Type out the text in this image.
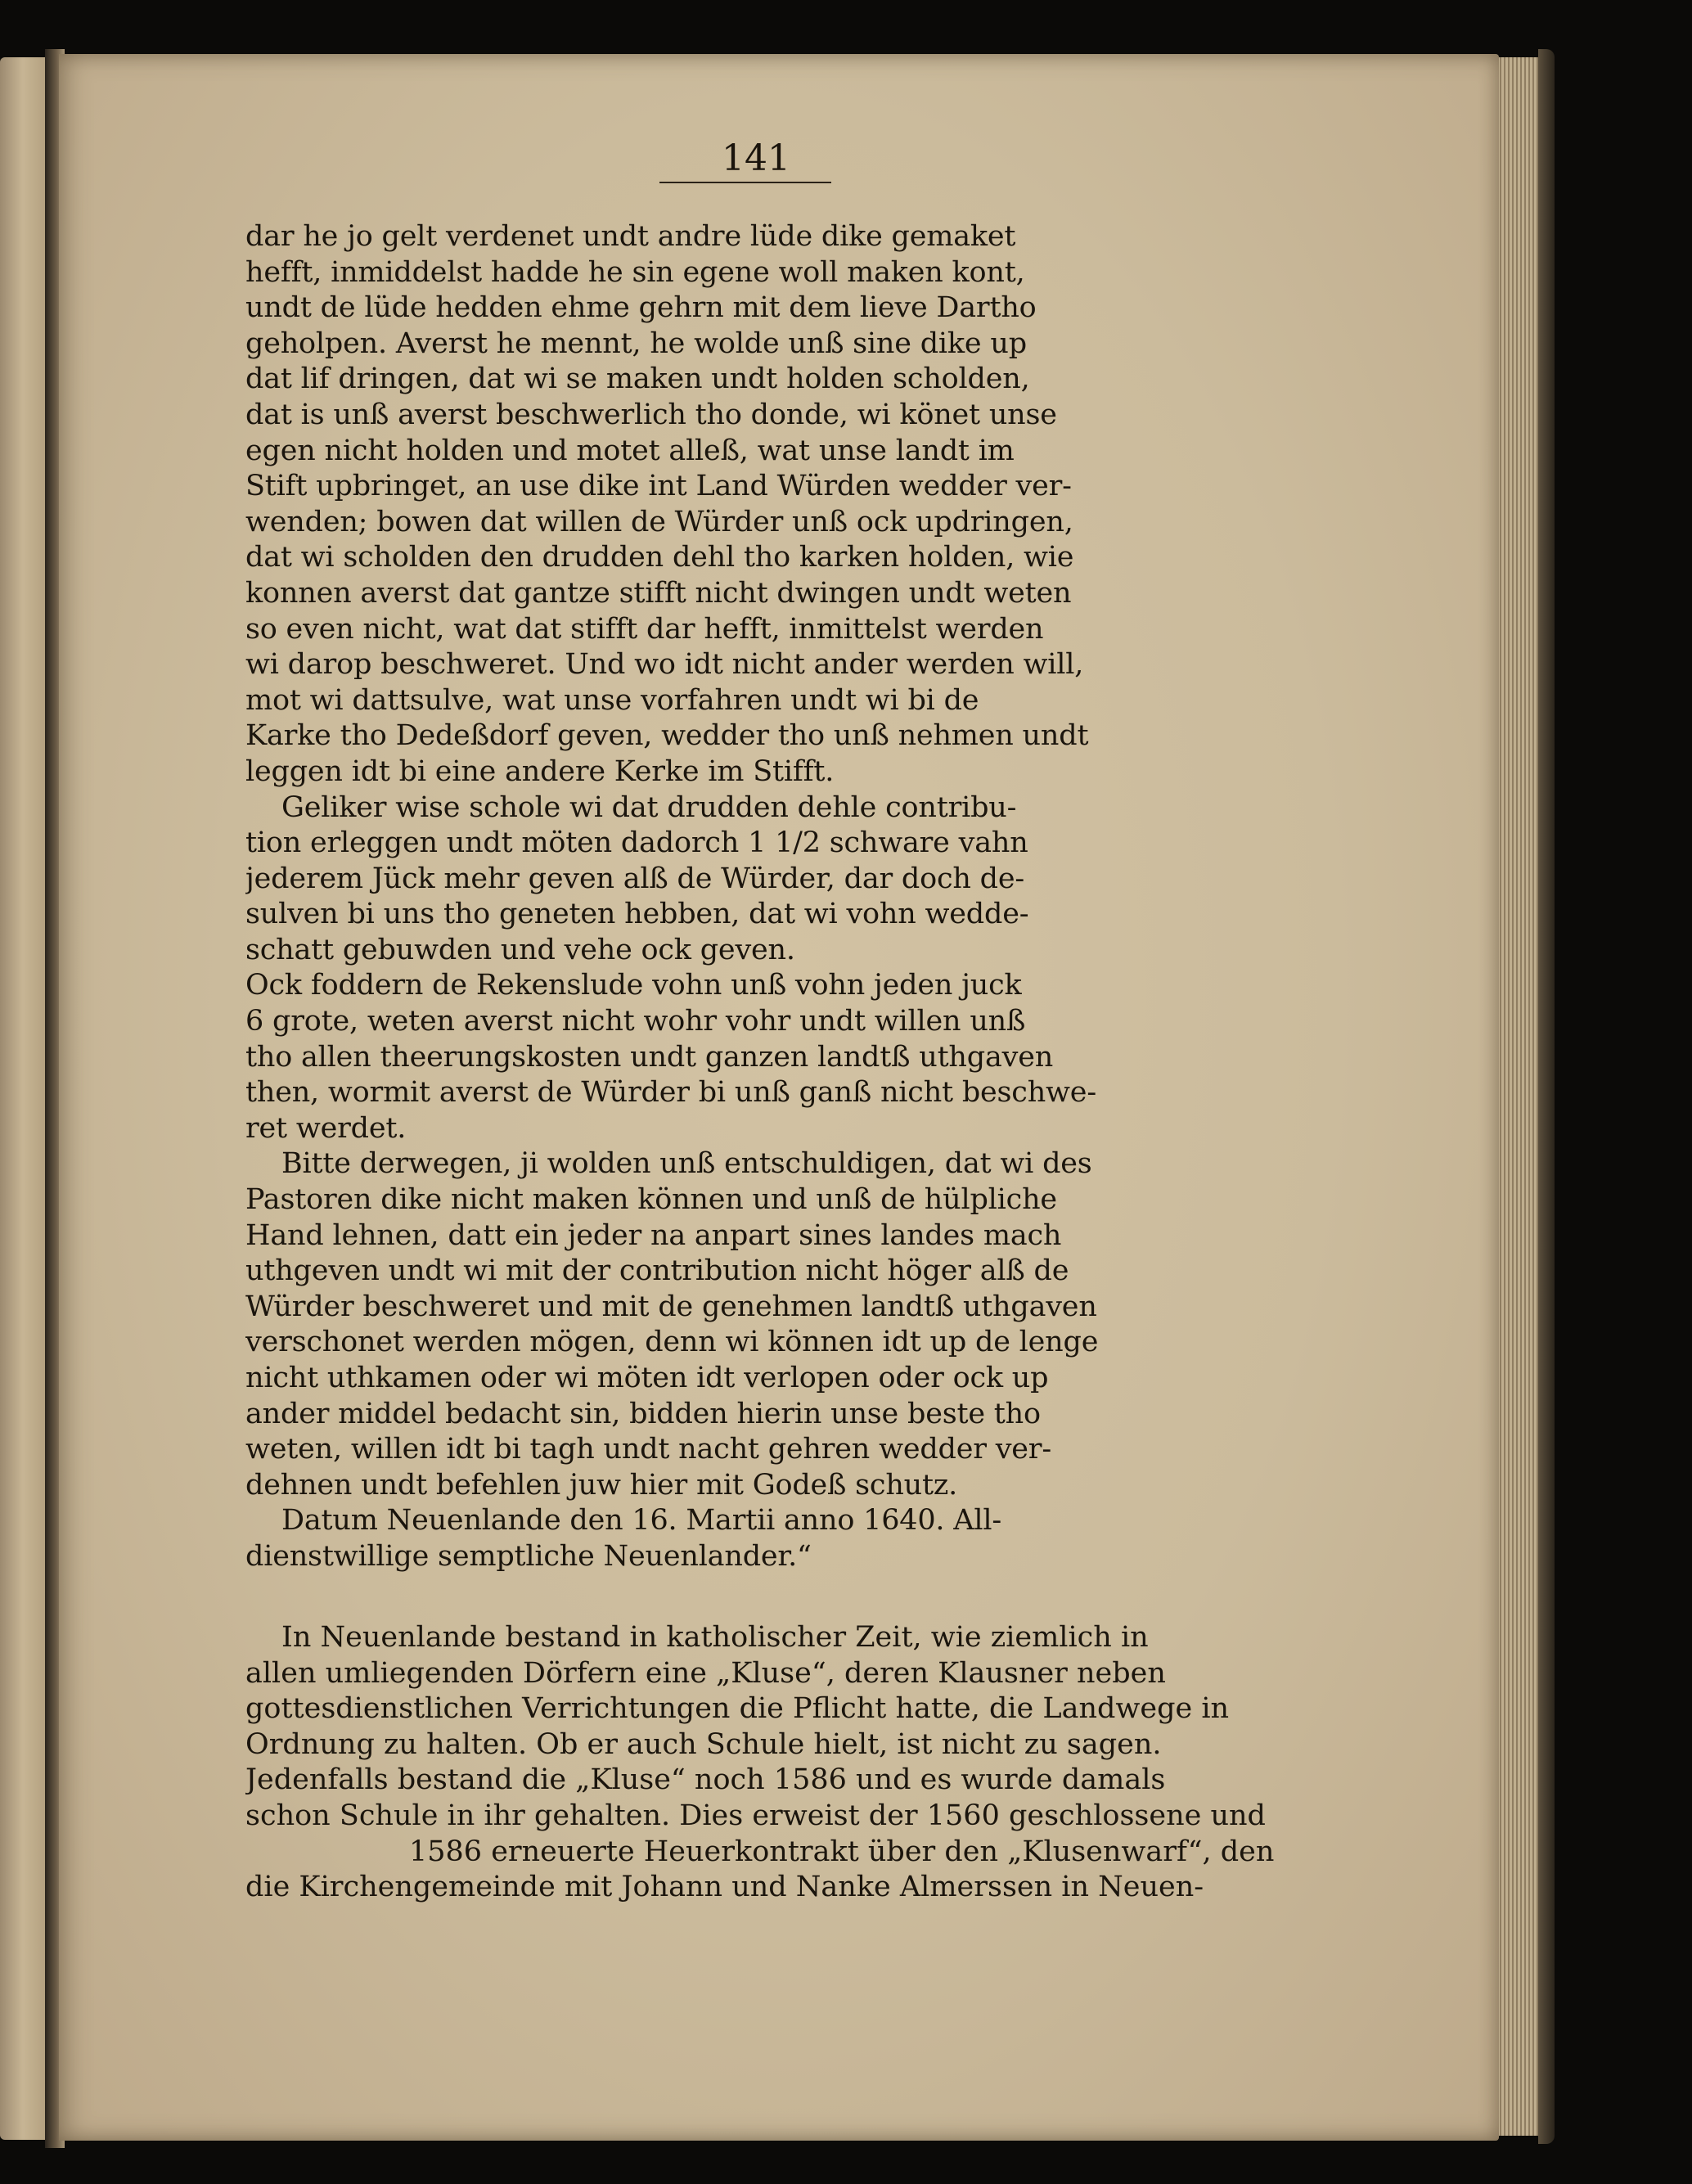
141
dar he jo gelt verdenet undt andre lüde dike gemaket
hefft, inmiddelst hadde he sin egene woll maken kont,
undt de lüde hedden ehme gehrn mit dem lieve Dartho
geholpen. Averst he mennt, he wolde unß sine dike up
dat lif dringen, dat wi se maken undt holden scholden,
dat is unß averst beschwerlich tho donde, wi könet unse
egen nicht holden und motet alleß, wat unse landt im
Stift upbringet, an use dike int Land Würden wedder ver-
wenden; bowen dat willen de Würder unß ock updringen,
dat wi scholden den drudden dehl tho karken holden, wie
konnen averst dat gantze stifft nicht dwingen undt weten
so even nicht, wat dat stifft dar hefft, inmittelst werden
wi darop beschweret. Und wo idt nicht ander werden will,
mot wi dattsulve, wat unse vorfahren undt wi bi de
Karke tho Dedeßdorf geven, wedder tho unß nehmen undt
leggen idt bi eine andere Kerke im Stifft.
Geliker wise schole wi dat drudden dehle contribu-
tion erleggen undt möten dadorch 1 1/2 schware vahn
jederem Jück mehr geven alß de Würder, dar doch de-
sulven bi uns tho geneten hebben, dat wi vohn wedde-
schatt gebuwden und vehe ock geven.
Ock foddern de Rekenslude vohn unß vohn jeden juck
6 grote, weten averst nicht wohr vohr undt willen unß
tho allen theerungskosten undt ganzen landtß uthgaven
then, wormit averst de Würder bi unß ganß nicht beschwe-
ret werdet.
Bitte derwegen, ji wolden unß entschuldigen, dat wi des
Pastoren dike nicht maken können und unß de hülpliche
Hand lehnen, datt ein jeder na anpart sines landes mach
uthgeven undt wi mit der contribution nicht höger alß de
Würder beschweret und mit de genehmen landtß uthgaven
verschonet werden mögen, denn wi können idt up de lenge
nicht uthkamen oder wi möten idt verlopen oder ock up
ander middel bedacht sin, bidden hierin unse beste tho
weten, willen idt bi tagh undt nacht gehren wedder ver-
dehnen undt befehlen juw hier mit Godeß schutz.
Datum Neuenlande den 16. Martii anno 1640. All-
dienstwillige semptliche Neuenlander.“
In Neuenlande bestand in katholischer Zeit, wie ziemlich in
allen umliegenden Dörfern eine „Kluse“, deren Klausner neben
gottesdienstlichen Verrichtungen die Pflicht hatte, die Landwege in
Ordnung zu halten. Ob er auch Schule hielt, ist nicht zu sagen.
Jedenfalls bestand die „Kluse“ noch 1586 und es wurde damals
schon Schule in ihr gehalten. Dies erweist der 1560 geschlossene und
1586 erneuerte Heuerkontrakt über den „Klusenwarf“, den
die Kirchengemeinde mit Johann und Nanke Almerssen in Neuen-
